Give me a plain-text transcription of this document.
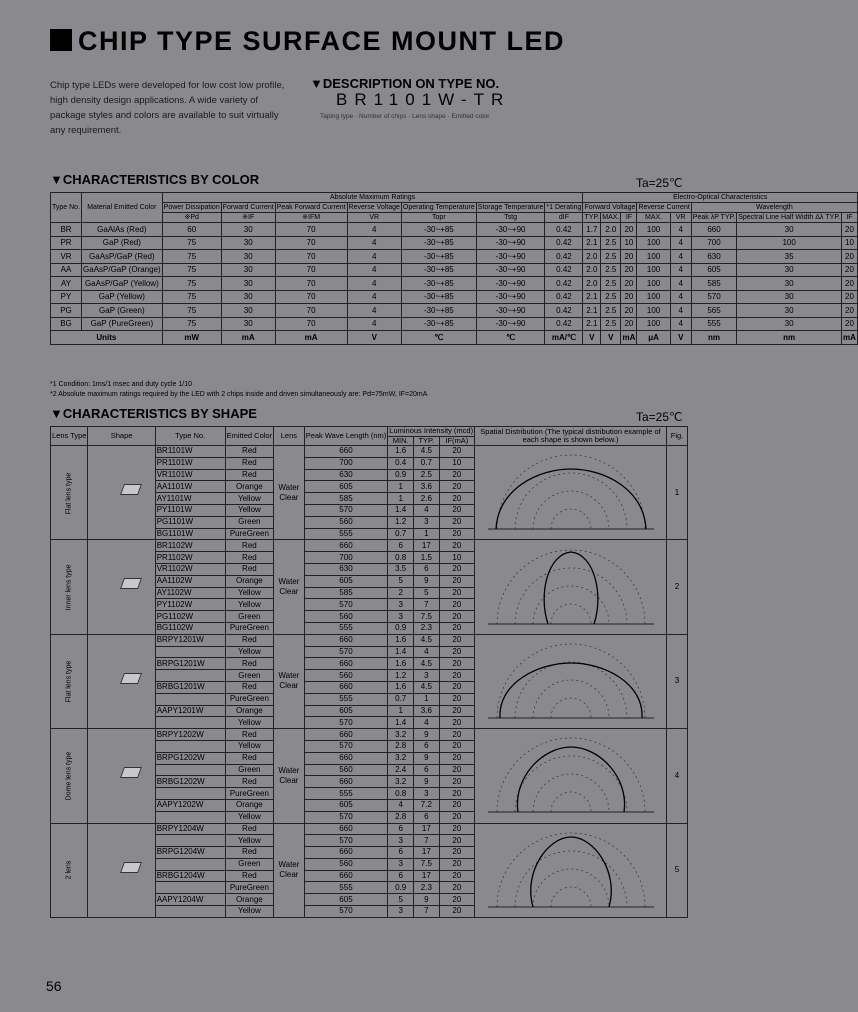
CHIP TYPE SURFACE MOUNT LED
Chip type LEDs were developed for low cost low profile, high density design applications. A wide variety of package styles and colors are available to suit virtually any requirement.
▼DESCRIPTION ON TYPE NO.
BR1101W-TR
Taping type · Number of chips · Lens shape · Emitted color
▼CHARACTERISTICS BY COLOR	Ta=25℃
Type No.	Material Emitted Color	Absolute Maximum Ratings							Electro-Optical Characteristics							
		Power Dissipation	Forward Current	Peak Forward Current	Reverse Voltage	Operating Temperature	Storage Temperature	*1 Derating	Forward Voltage			Reverse Current		Wavelength		
		※Pd	※IF	※IFM	VR	Topr	Tstg	dIF	TYP.	MAX.	IF	MAX.	VR	Peak λP TYP.	Spectral Line Half Width Δλ TYP.	IF
BR	GaAlAs (Red)	60	30	70	4	-30~+85	-30~+90	0.42	1.7	2.0	20	100	4	660	30	20
PR	GaP (Red)	75	30	70	4	-30~+85	-30~+90	0.42	2.1	2.5	10	100	4	700	100	10
VR	GaAsP/GaP (Red)	75	30	70	4	-30~+85	-30~+90	0.42	2.0	2.5	20	100	4	630	35	20
AA	GaAsP/GaP (Orange)	75	30	70	4	-30~+85	-30~+90	0.42	2.0	2.5	20	100	4	605	30	20
AY	GaAsP/GaP (Yellow)	75	30	70	4	-30~+85	-30~+90	0.42	2.0	2.5	20	100	4	585	30	20
PY	GaP (Yellow)	75	30	70	4	-30~+85	-30~+90	0.42	2.1	2.5	20	100	4	570	30	20
PG	GaP (Green)	75	30	70	4	-30~+85	-30~+90	0.42	2.1	2.5	20	100	4	565	30	20
BG	GaP (PureGreen)	75	30	70	4	-30~+85	-30~+90	0.42	2.1	2.5	20	100	4	555	30	20
Units		mW	mA	mA	V	℃	℃	mA/℃	V	V	mA	μA	V	nm	nm	mA
*1 Condition: 1ms/1 msec and duty cycle 1/10
*2 Absolute maximum ratings required by the LED with 2 chips inside and driven simultaneously are: Pd=75mW, IF=20mA
▼CHARACTERISTICS BY SHAPE	Ta=25℃
Lens Type	Shape	Type No.	Emitted Color	Lens	Peak Wave Length (nm)	Luminous Intensity (mcd)			Spatial Distribution (The typical distribution example of each shape is shown below.)	Fig.
						MIN.	TYP.	IF(mA)		
Flat lens type		BR1101W	Red	Water Clear	660	1.6	4.5	20		1
		PR1101W	Red		700	0.4	0.7	10		
		VR1101W	Red		630	0.9	2.5	20		
		AA1101W	Orange		605	1	3.6	20		
		AY1101W	Yellow		585	1	2.6	20		
		PY1101W	Yellow		570	1.4	4	20		
		PG1101W	Green		560	1.2	3	20		
		BG1101W	PureGreen		555	0.7	1	20		
Inner lens type		BR1102W	Red	Water Clear	660	6	17	20		2
		PR1102W	Red		700	0.8	1.5	10		
		VR1102W	Red		630	3.5	6	20		
		AA1102W	Orange		605	5	9	20		
		AY1102W	Yellow		585	2	5	20		
		PY1102W	Yellow		570	3	7	20		
		PG1102W	Green		560	3	7.5	20		
		BG1102W	PureGreen		555	0.9	2.3	20		
Flat lens type		BRPY1201W	Red	Water Clear	660	1.6	4.5	20		3
			Yellow		570	1.4	4	20		
		BRPG1201W	Red		660	1.6	4.5	20		
			Green		560	1.2	3	20		
		BRBG1201W	Red		660	1.6	4.5	20		
			PureGreen		555	0.7	1	20		
		AAPY1201W	Orange		605	1	3.6	20		
			Yellow		570	1.4	4	20		
Dome lens type		BRPY1202W	Red	Water Clear	660	3.2	9	20		4
			Yellow		570	2.8	6	20		
		BRPG1202W	Red		660	3.2	9	20		
			Green		560	2.4	6	20		
		BRBG1202W	Red		660	3.2	9	20		
			PureGreen		555	0.8	3	20		
		AAPY1202W	Orange		605	4	7.2	20		
			Yellow		570	2.8	6	20		
2 lens		BRPY1204W	Red	Water Clear	660	6	17	20		5
			Yellow		570	3	7	20		
		BRPG1204W	Red		660	6	17	20		
			Green		560	3	7.5	20		
		BRBG1204W	Red		660	6	17	20		
			PureGreen		555	0.9	2.3	20		
		AAPY1204W	Orange		605	5	9	20		
			Yellow		570	3	7	20		
56
